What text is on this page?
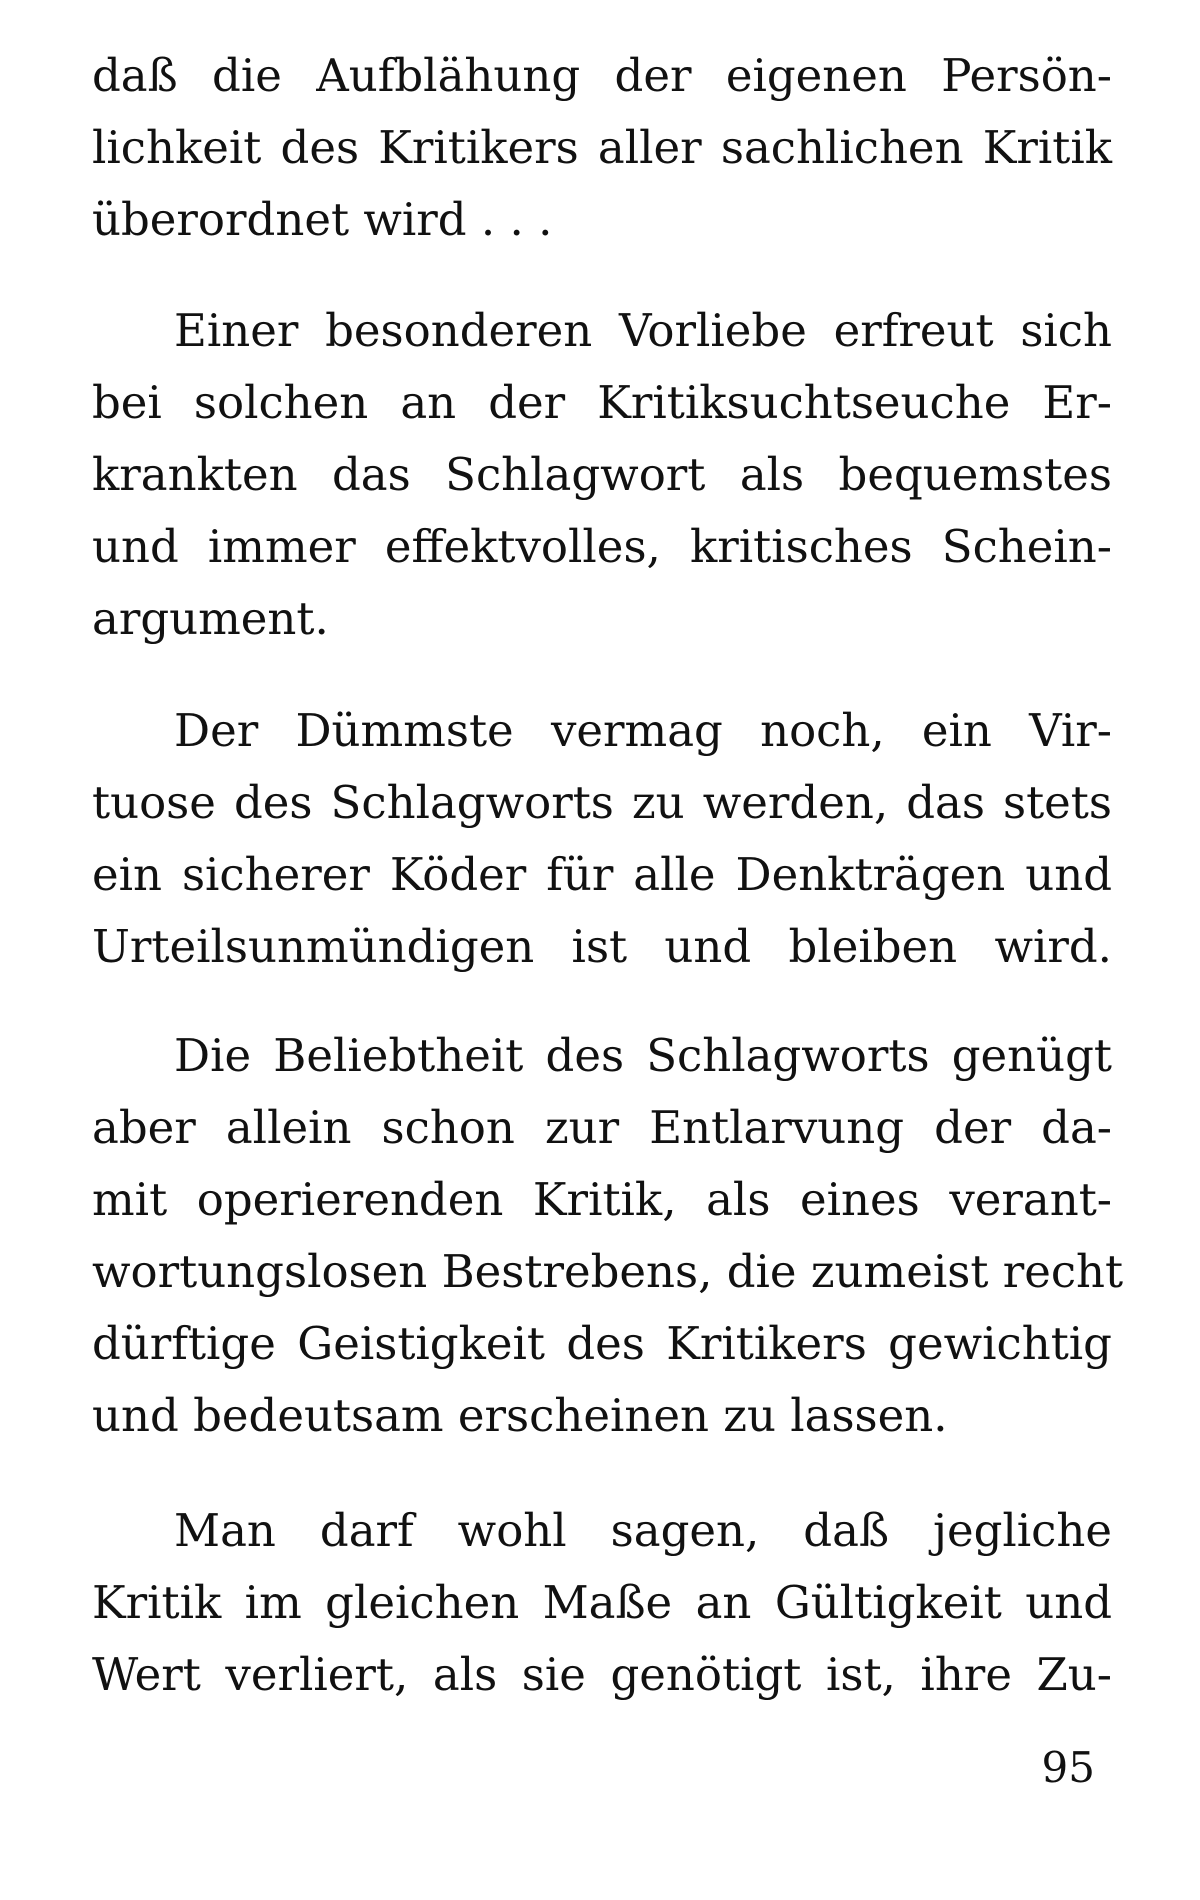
daß die Aufblähung der eigenen Persön-
lichkeit des Kritikers aller sachlichen Kritik
überordnet wird . . .
Einer besonderen Vorliebe erfreut sich
bei solchen an der Kritiksuchtseuche Er-
krankten das Schlagwort als bequemstes
und immer effektvolles, kritisches Schein-
argument.
Der Dümmste vermag noch, ein Vir-
tuose des Schlagworts zu werden, das stets
ein sicherer Köder für alle Denkträgen und
Urteilsunmündigen ist und bleiben wird.
Die Beliebtheit des Schlagworts genügt
aber allein schon zur Entlarvung der da-
mit operierenden Kritik, als eines verant-
wortungslosen Bestrebens, die zumeist recht
dürftige Geistigkeit des Kritikers gewichtig
und bedeutsam erscheinen zu lassen.
Man darf wohl sagen, daß jegliche
Kritik im gleichen Maße an Gültigkeit und
Wert verliert, als sie genötigt ist, ihre Zu-
95
